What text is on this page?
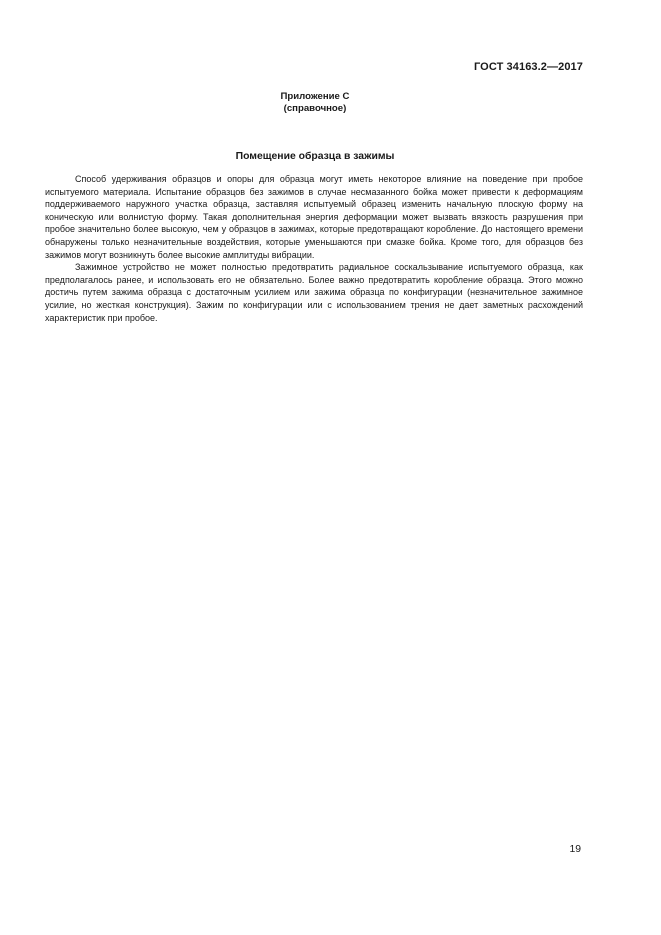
ГОСТ 34163.2—2017
Приложение С
(справочное)
Помещение образца в зажимы

Способ удерживания образцов и опоры для образца могут иметь некоторое влияние на поведение при пробое испытуемого материала. Испытание образцов без зажимов в случае несмазанного бойка может привести к деформациям поддерживаемого наружного участка образца, заставляя испытуемый образец изменить начальную плоскую форму на коническую или волнистую форму. Такая дополнительная энергия деформации может вызвать вязкость разрушения при пробое значительно более высокую, чем у образцов в зажимах, которые предотвращают коробление. До настоящего времени обнаружены только незначительные воздействия, которые уменьшаются при смазке бойка. Кроме того, для образцов без зажимов могут возникнуть более высокие амплитуды вибрации.

Зажимное устройство не может полностью предотвратить радиальное соскальзывание испытуемого образца, как предполагалось ранее, и использовать его не обязательно. Более важно предотвратить коробление образца. Этого можно достичь путем зажима образца с достаточным усилием или зажима образца по конфигурации (незначительное зажимное усилие, но жесткая конструкция). Зажим по конфигурации или с использованием трения не дает заметных расхождений характеристик при пробое.

19
